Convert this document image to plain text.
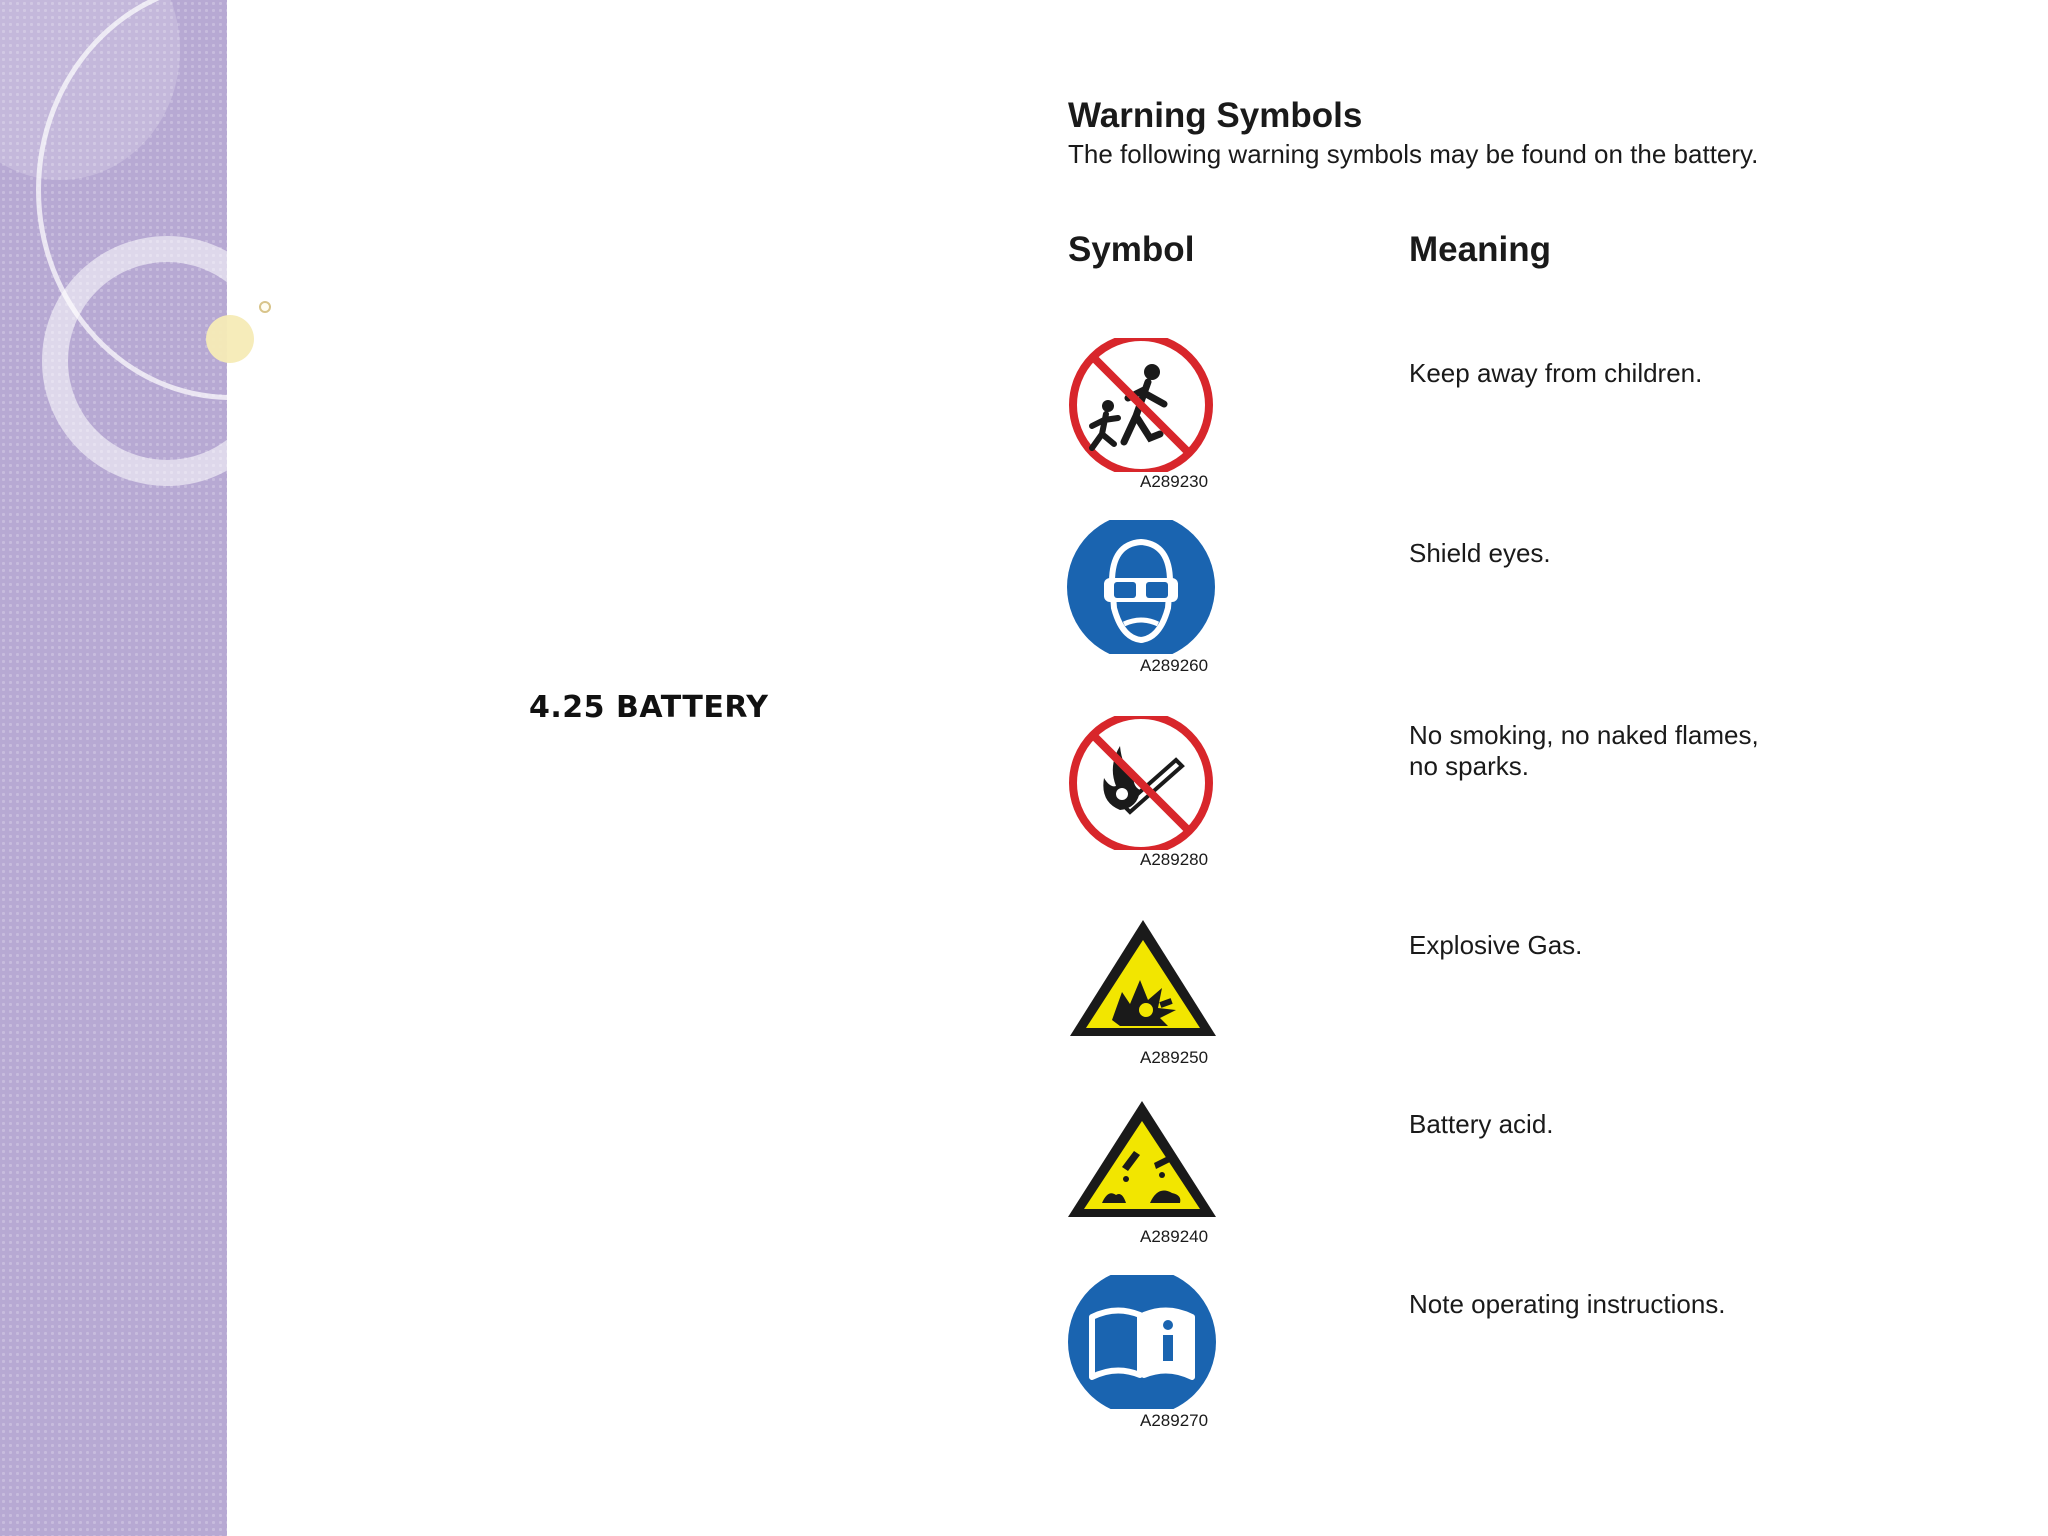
4.25 BATTERY
Warning Symbols
The following warning symbols may be found on the battery.
Symbol	Meaning
A289230
Keep away from children.
A289260
Shield eyes.
A289280
No smoking, no naked flames,
no sparks.
A289250
Explosive Gas.
A289240
Battery acid.
A289270
Note operating instructions.
